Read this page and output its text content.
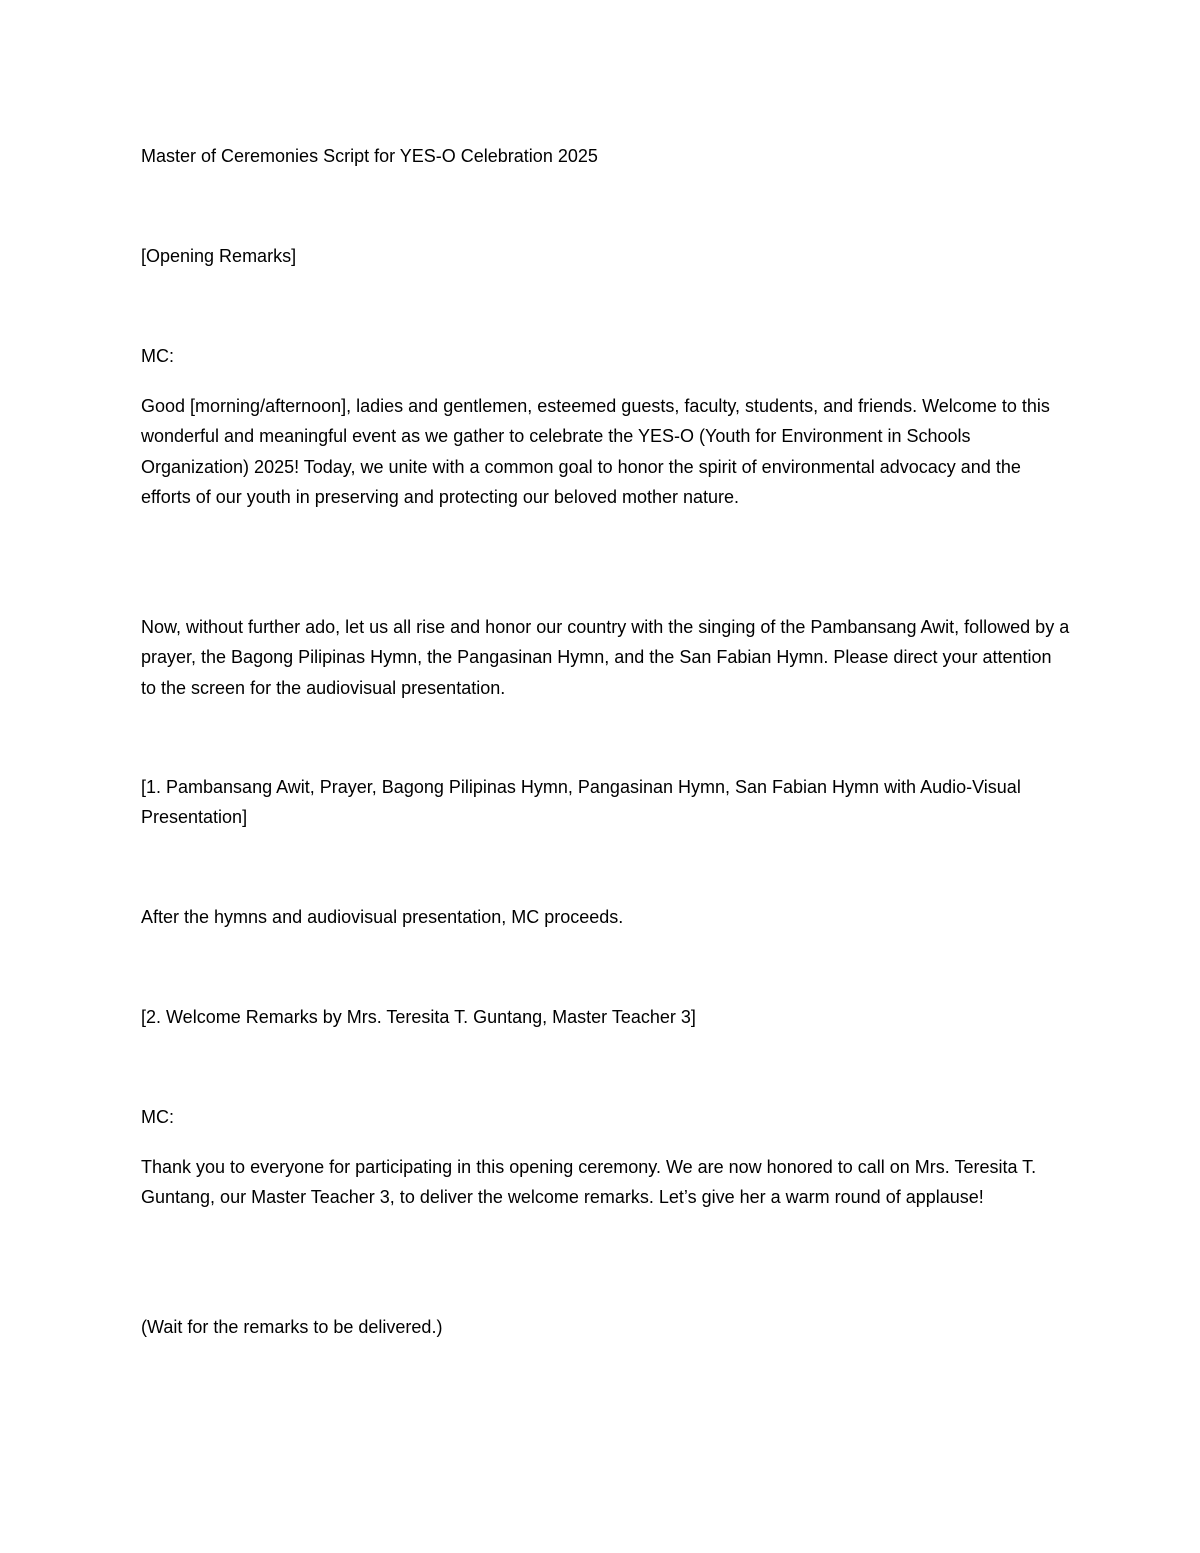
Master of Ceremonies Script for YES-O Celebration 2025

[Opening Remarks]

MC:

Good [morning/afternoon], ladies and gentlemen, esteemed guests, faculty, students, and friends. Welcome to this wonderful and meaningful event as we gather to celebrate the YES-O (Youth for Environment in Schools Organization) 2025! Today, we unite with a common goal to honor the spirit of environmental advocacy and the efforts of our youth in preserving and protecting our beloved mother nature.

Now, without further ado, let us all rise and honor our country with the singing of the Pambansang Awit, followed by a prayer, the Bagong Pilipinas Hymn, the Pangasinan Hymn, and the San Fabian Hymn. Please direct your attention to the screen for the audiovisual presentation.

[1. Pambansang Awit, Prayer, Bagong Pilipinas Hymn, Pangasinan Hymn, San Fabian Hymn with Audio-Visual Presentation]

After the hymns and audiovisual presentation, MC proceeds.

[2. Welcome Remarks by Mrs. Teresita T. Guntang, Master Teacher 3]

MC:

Thank you to everyone for participating in this opening ceremony. We are now honored to call on Mrs. Teresita T. Guntang, our Master Teacher 3, to deliver the welcome remarks. Let’s give her a warm round of applause!

(Wait for the remarks to be delivered.)
